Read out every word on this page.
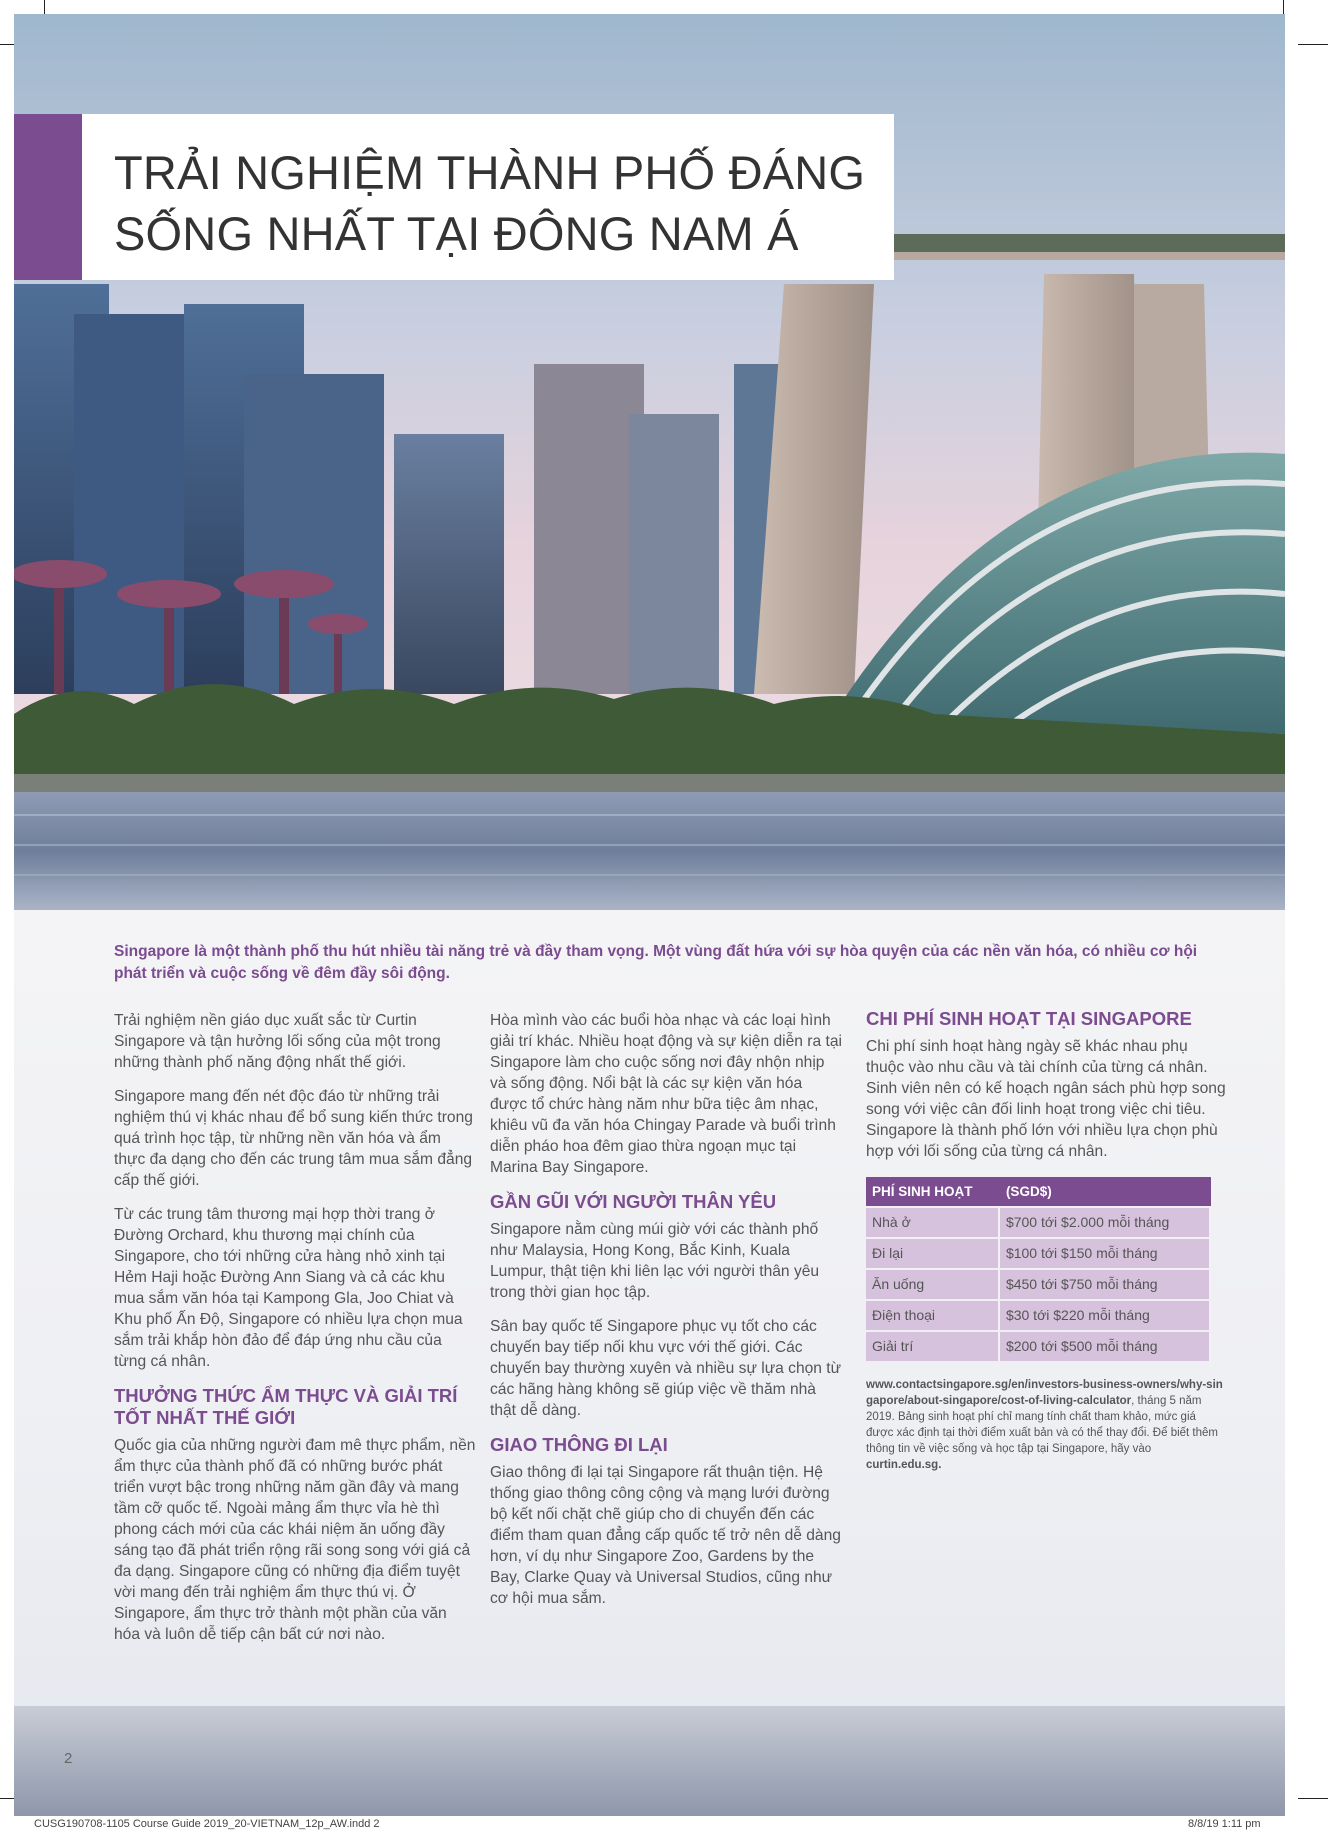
TRẢI NGHIỆM THÀNH PHỐ ĐÁNG
SỐNG NHẤT TẠI ĐÔNG NAM Á

Singapore là một thành phố thu hút nhiều tài năng trẻ và đầy tham vọng. Một vùng đất hứa với sự hòa quyện của các nền văn hóa, có nhiều cơ hội phát triển và cuộc sống về đêm đầy sôi động.

Trải nghiệm nền giáo dục xuất sắc từ Curtin Singapore và tận hưởng lối sống của một trong những thành phố năng động nhất thế giới.

Singapore mang đến nét độc đáo từ những trải nghiệm thú vị khác nhau để bổ sung kiến thức trong quá trình học tập, từ những nền văn hóa và ẩm thực đa dạng cho đến các trung tâm mua sắm đẳng cấp thế giới.

Từ các trung tâm thương mại hợp thời trang ở Đường Orchard, khu thương mại chính của Singapore, cho tới những cửa hàng nhỏ xinh tại Hẻm Haji hoặc Đường Ann Siang và cả các khu mua sắm văn hóa tại Kampong Gla, Joo Chiat và Khu phố Ấn Độ, Singapore có nhiều lựa chọn mua sắm trải khắp hòn đảo để đáp ứng nhu cầu của từng cá nhân.

THƯỞNG THỨC ẨM THỰC VÀ GIẢI TRÍ TỐT NHẤT THẾ GIỚI

Quốc gia của những người đam mê thực phẩm, nền ẩm thực của thành phố đã có những bước phát triển vượt bậc trong những năm gần đây và mang tầm cỡ quốc tế. Ngoài mảng ẩm thực vỉa hè thì phong cách mới của các khái niệm ăn uống đầy sáng tạo đã phát triển rộng rãi song song với giá cả đa dạng. Singapore cũng có những địa điểm tuyệt vời mang đến trải nghiệm ẩm thực thú vị. Ở Singapore, ẩm thực trở thành một phần của văn hóa và luôn dễ tiếp cận bất cứ nơi nào.

Hòa mình vào các buổi hòa nhạc và các loại hình giải trí khác. Nhiều hoạt động và sự kiện diễn ra tại Singapore làm cho cuộc sống nơi đây nhộn nhịp và sống động. Nổi bật là các sự kiện văn hóa được tổ chức hàng năm như bữa tiệc âm nhạc, khiêu vũ đa văn hóa Chingay Parade và buổi trình diễn pháo hoa đêm giao thừa ngoạn mục tại Marina Bay Singapore.

GẦN GŨI VỚI NGƯỜI THÂN YÊU

Singapore nằm cùng múi giờ với các thành phố như Malaysia, Hong Kong, Bắc Kinh, Kuala Lumpur, thật tiện khi liên lạc với người thân yêu trong thời gian học tập.

Sân bay quốc tế Singapore phục vụ tốt cho các chuyến bay tiếp nối khu vực với thế giới. Các chuyến bay thường xuyên và nhiều sự lựa chọn từ các hãng hàng không sẽ giúp việc về thăm nhà thật dễ dàng.

GIAO THÔNG ĐI LẠI

Giao thông đi lại tại Singapore rất thuận tiện. Hệ thống giao thông công cộng và mạng lưới đường bộ kết nối chặt chẽ giúp cho di chuyển đến các điểm tham quan đẳng cấp quốc tế trở nên dễ dàng hơn, ví dụ như Singapore Zoo, Gardens by the Bay, Clarke Quay và Universal Studios, cũng như cơ hội mua sắm.

CHI PHÍ SINH HOẠT TẠI SINGAPORE

Chi phí sinh hoạt hàng ngày sẽ khác nhau phụ thuộc vào nhu cầu và tài chính của từng cá nhân. Sinh viên nên có kế hoạch ngân sách phù hợp song song với việc cân đối linh hoạt trong việc chi tiêu. Singapore là thành phố lớn với nhiều lựa chọn phù hợp với lối sống của từng cá nhân.

PHÍ SINH HOẠT	(SGD$)
Nhà ở	$700 tới $2.000 mỗi tháng
Đi lại	$100 tới $150 mỗi tháng
Ăn uống	$450 tới $750 mỗi tháng
Điện thoại	$30 tới $220 mỗi tháng
Giải trí	$200 tới $500 mỗi tháng

www.contactsingapore.sg/en/investors-business-owners/why-singapore/about-singapore/cost-of-living-calculator, tháng 5 năm 2019. Bảng sinh hoạt phí chỉ mang tính chất tham khảo, mức giá được xác định tại thời điểm xuất bản và có thể thay đổi. Để biết thêm thông tin về việc sống và học tập tại Singapore, hãy vào curtin.edu.sg.

2
CUSG190708-1105 Course Guide 2019_20-VIETNAM_12p_AW.indd 2	8/8/19 1:11 pm
